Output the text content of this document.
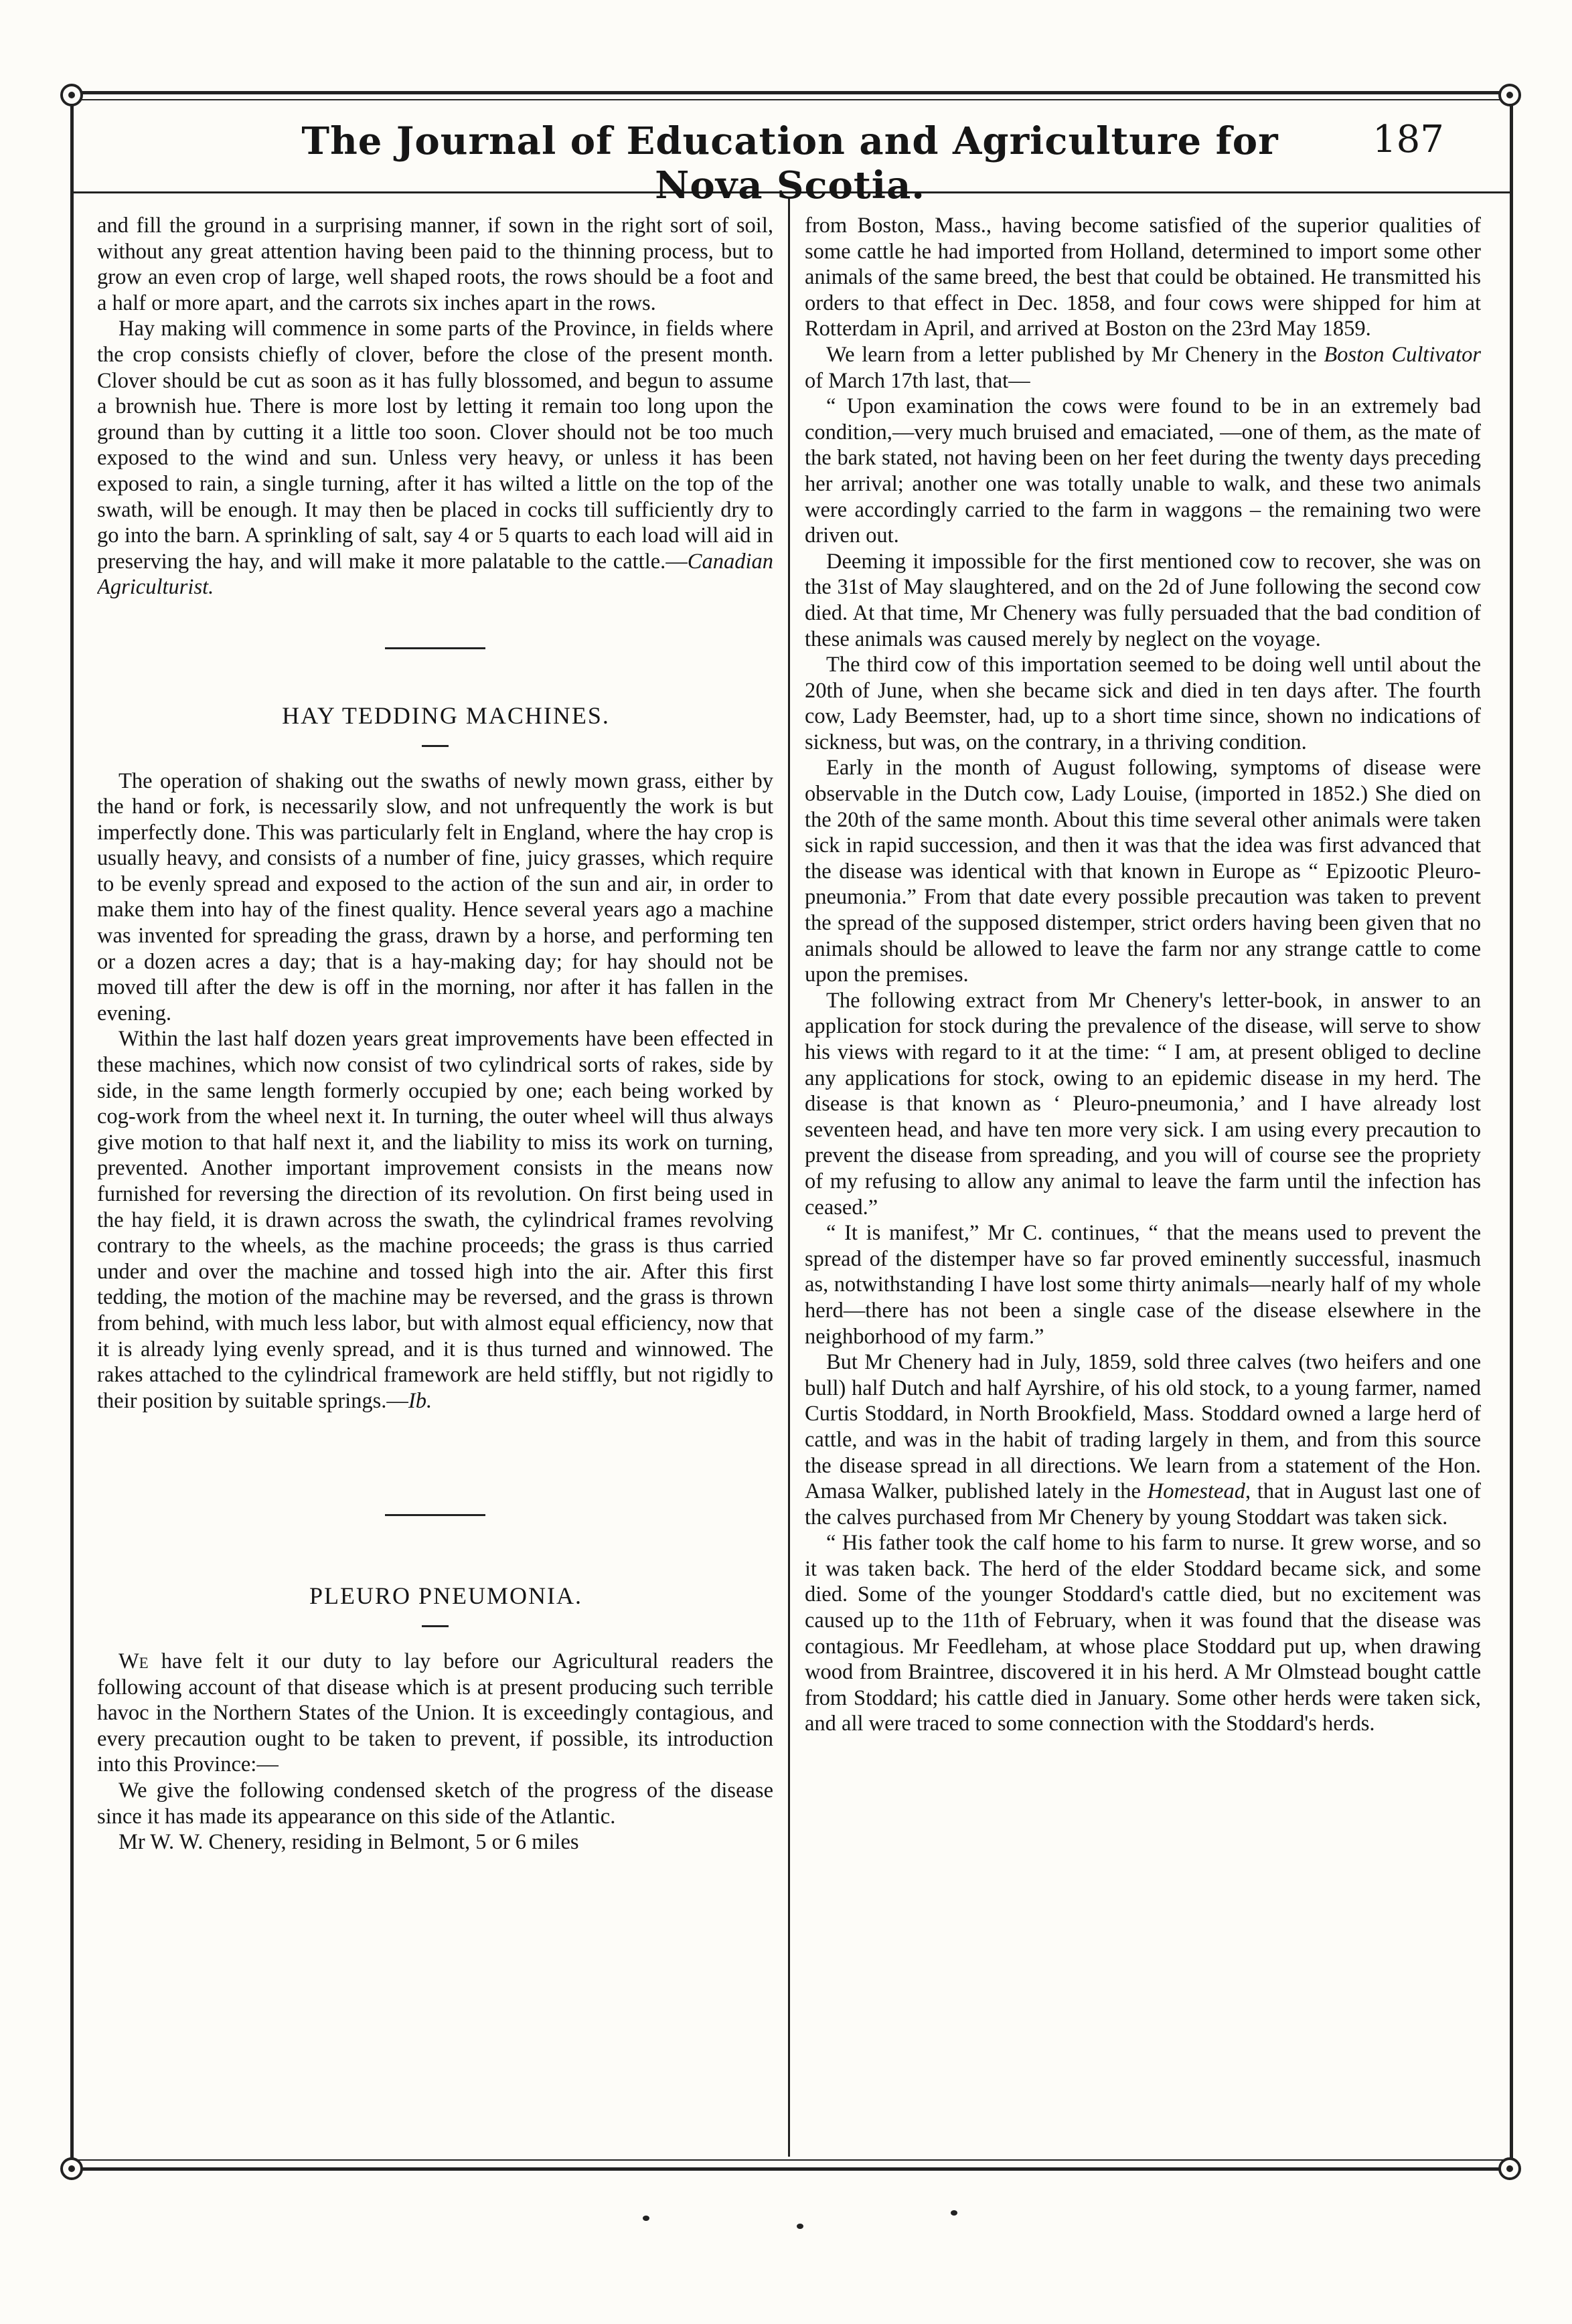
The Journal of Education and Agriculture for Nova Scotia.
187

and fill the ground in a surprising manner, if sown in the right sort of soil, without any great attention having been paid to the thinning process, but to grow an even crop of large, well shaped roots, the rows should be a foot and a half or more apart, and the carrots six inches apart in the rows.

Hay making will commence in some parts of the Province, in fields where the crop consists chiefly of clover, before the close of the present month. Clover should be cut as soon as it has fully blossomed, and begun to assume a brownish hue. There is more lost by letting it remain too long upon the ground than by cutting it a little too soon. Clover should not be too much exposed to the wind and sun. Unless very heavy, or unless it has been exposed to rain, a single turning, after it has wilted a little on the top of the swath, will be enough. It may then be placed in cocks till sufficiently dry to go into the barn. A sprinkling of salt, say 4 or 5 quarts to each load will aid in preserving the hay, and will make it more palatable to the cattle.—Canadian Agriculturist.

HAY TEDDING MACHINES.

The operation of shaking out the swaths of newly mown grass, either by the hand or fork, is necessarily slow, and not unfrequently the work is but imperfectly done. This was particularly felt in England, where the hay crop is usually heavy, and consists of a number of fine, juicy grasses, which require to be evenly spread and exposed to the action of the sun and air, in order to make them into hay of the finest quality. Hence several years ago a machine was invented for spreading the grass, drawn by a horse, and performing ten or a dozen acres a day; that is a hay-making day; for hay should not be moved till after the dew is off in the morning, nor after it has fallen in the evening.

Within the last half dozen years great improvements have been effected in these machines, which now consist of two cylindrical sorts of rakes, side by side, in the same length formerly occupied by one; each being worked by cog-work from the wheel next it. In turning, the outer wheel will thus always give motion to that half next it, and the liability to miss its work on turning, prevented. Another important improvement consists in the means now furnished for reversing the direction of its revolution. On first being used in the hay field, it is drawn across the swath, the cylindrical frames revolving contrary to the wheels, as the machine proceeds; the grass is thus carried under and over the machine and tossed high into the air. After this first tedding, the motion of the machine may be reversed, and the grass is thrown from behind, with much less labor, but with almost equal efficiency, now that it is already lying evenly spread, and it is thus turned and winnowed. The rakes attached to the cylindrical framework are held stiffly, but not rigidly to their position by suitable springs.—Ib.

PLEURO PNEUMONIA.

We have felt it our duty to lay before our Agricultural readers the following account of that disease which is at present producing such terrible havoc in the Northern States of the Union. It is exceedingly contagious, and every precaution ought to be taken to prevent, if possible, its introduction into this Province:—

We give the following condensed sketch of the progress of the disease since it has made its appearance on this side of the Atlantic.

Mr W. W. Chenery, residing in Belmont, 5 or 6 miles

from Boston, Mass., having become satisfied of the superior qualities of some cattle he had imported from Holland, determined to import some other animals of the same breed, the best that could be obtained. He transmitted his orders to that effect in Dec. 1858, and four cows were shipped for him at Rotterdam in April, and arrived at Boston on the 23rd May 1859.

We learn from a letter published by Mr Chenery in the Boston Cultivator of March 17th last, that—

“ Upon examination the cows were found to be in an extremely bad condition,—very much bruised and emaciated, —one of them, as the mate of the bark stated, not having been on her feet during the twenty days preceding her arrival; another one was totally unable to walk, and these two animals were accordingly carried to the farm in waggons – the remaining two were driven out.

Deeming it impossible for the first mentioned cow to recover, she was on the 31st of May slaughtered, and on the 2d of June following the second cow died. At that time, Mr Chenery was fully persuaded that the bad condition of these animals was caused merely by neglect on the voyage.

The third cow of this importation seemed to be doing well until about the 20th of June, when she became sick and died in ten days after. The fourth cow, Lady Beemster, had, up to a short time since, shown no indications of sickness, but was, on the contrary, in a thriving condition.

Early in the month of August following, symptoms of disease were observable in the Dutch cow, Lady Louise, (imported in 1852.) She died on the 20th of the same month. About this time several other animals were taken sick in rapid succession, and then it was that the idea was first advanced that the disease was identical with that known in Europe as “ Epizootic Pleuro-pneumonia.” From that date every possible precaution was taken to prevent the spread of the supposed distemper, strict orders having been given that no animals should be allowed to leave the farm nor any strange cattle to come upon the premises.

The following extract from Mr Chenery's letter-book, in answer to an application for stock during the prevalence of the disease, will serve to show his views with regard to it at the time: “ I am, at present obliged to decline any applications for stock, owing to an epidemic disease in my herd. The disease is that known as ‘ Pleuro-pneumonia,’ and I have already lost seventeen head, and have ten more very sick. I am using every precaution to prevent the disease from spreading, and you will of course see the propriety of my refusing to allow any animal to leave the farm until the infection has ceased.”

“ It is manifest,” Mr C. continues, “ that the means used to prevent the spread of the distemper have so far proved eminently successful, inasmuch as, notwithstanding I have lost some thirty animals—nearly half of my whole herd—there has not been a single case of the disease elsewhere in the neighborhood of my farm.”

But Mr Chenery had in July, 1859, sold three calves (two heifers and one bull) half Dutch and half Ayrshire, of his old stock, to a young farmer, named Curtis Stoddard, in North Brookfield, Mass. Stoddard owned a large herd of cattle, and was in the habit of trading largely in them, and from this source the disease spread in all directions. We learn from a statement of the Hon. Amasa Walker, published lately in the Homestead, that in August last one of the calves purchased from Mr Chenery by young Stoddart was taken sick.

“ His father took the calf home to his farm to nurse. It grew worse, and so it was taken back. The herd of the elder Stoddard became sick, and some died. Some of the younger Stoddard's cattle died, but no excitement was caused up to the 11th of February, when it was found that the disease was contagious. Mr Feedleham, at whose place Stoddard put up, when drawing wood from Braintree, discovered it in his herd. A Mr Olmstead bought cattle from Stoddard; his cattle died in January. Some other herds were taken sick, and all were traced to some connection with the Stoddard's herds.
